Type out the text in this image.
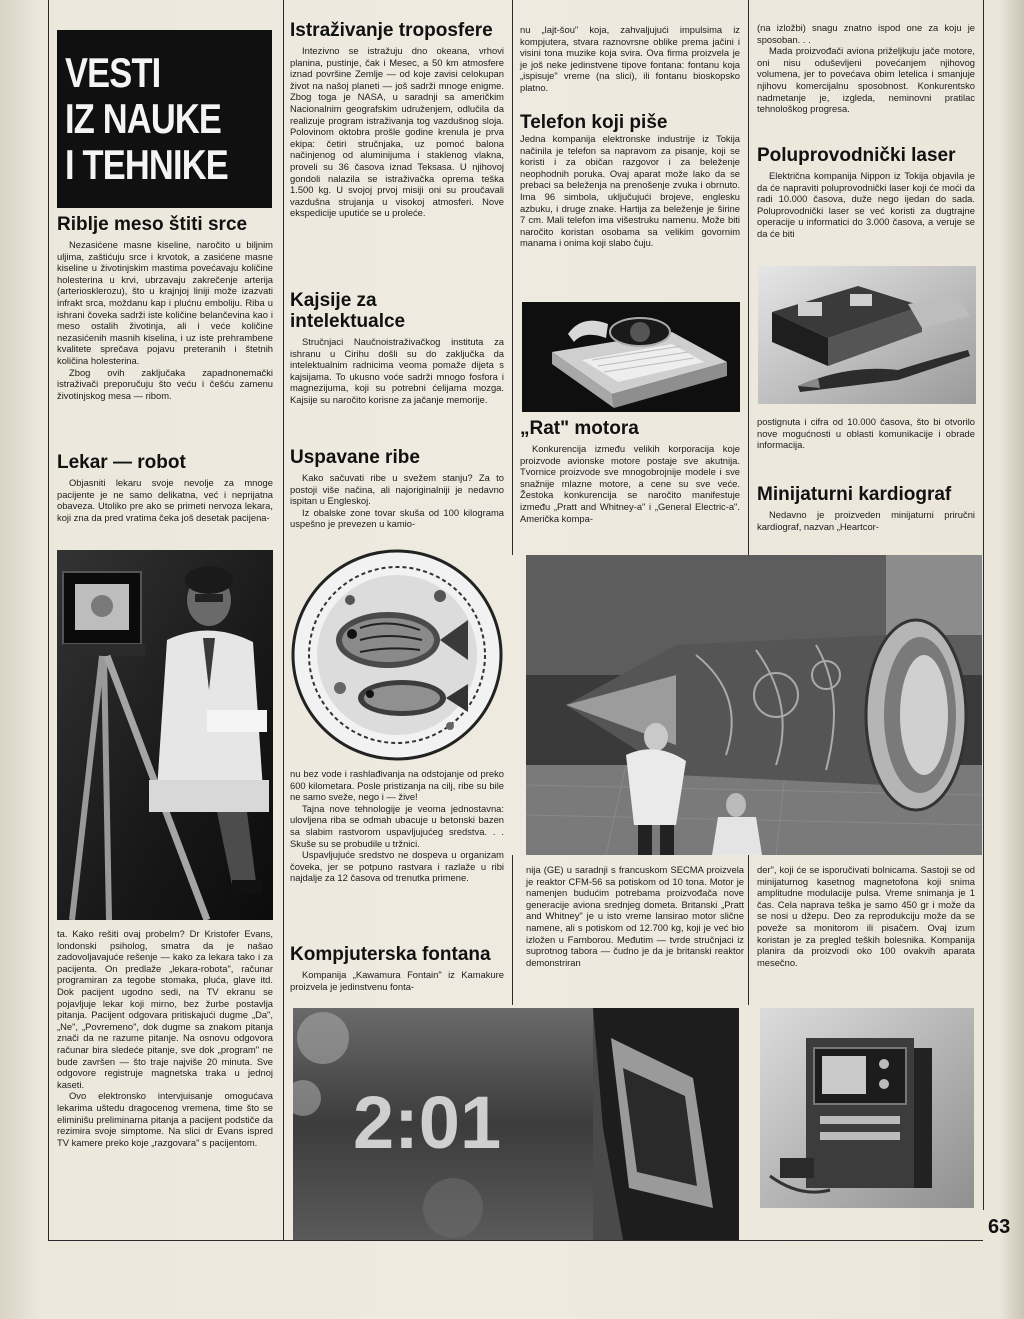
VESTI
IZ NAUKE
I TEHNIKE
Riblje meso štiti srce

Nezasićene masne kiseline, naročito u biljnim uljima, zaštićuju srce i krvotok, a zasićene masne kiseline u životinjskim mastima povećavaju količine holesterina u krvi, ubrzavaju zakrečenje arterija (arteriosklerozu), što u krajnjoj liniji može izazvati infrakt srca, moždanu kap i plućnu emboliju. Riba u ishrani čoveka sadrži iste količine belančevina kao i meso ostalih životinja, ali i veće količine nezasićenih masnih kiselina, i uz iste prehrambene kvalitete sprečava pojavu preteranih i štetnih količina holesterina.

Zbog ovih zaključaka zapadnonemački istraživači preporučuju što veću i češću zamenu životinjskog mesa — ribom.

Lekar — robot

Objasniti lekaru svoje nevolje za mnoge pacijente je ne samo delikatna, već i neprijatna obaveza. Utoliko pre ako se primeti nervoza lekara, koji zna da pred vratima čeka još desetak pacijena-

ta. Kako rešiti ovaj probelm? Dr Kristofer Evans, londonski psiholog, smatra da je našao zadovoljavajuće rešenje — kako za lekara tako i za pacijenta. On predlaže „lekara-robota", računar programiran za tegobe stomaka, pluća, glave itd. Dok pacijent ugodno sedi, na TV ekranu se pojavljuje lekar koji mirno, bez žurbe postavlja pitanja. Pacijent odgovara pritiskajući dugme „Da", „Ne", „Povremeno", dok dugme sa znakom pitanja znači da ne razume pitanje. Na osnovu odgovora računar bira sledeće pitanje, sve dok „program" ne bude završen — što traje najviše 20 minuta. Sve odgovore registruje magnetska traka u jednoj kaseti.

Ovo elektronsko intervjuisanje omogućava lekarima uštedu dragocenog vremena, time što se eliminišu preliminarna pitanja a pacijent podstiče da rezimira svoje simptome. Na slici dr Evans ispred TV kamere preko koje „razgovara" s pacijentom.

Istraživanje troposfere

Intezivno se istražuju dno okeana, vrhovi planina, pustinje, čak i Mesec, a 50 km atmosfere iznad površine Zemlje — od koje zavisi celokupan život na našoj planeti — još sadrži mnoge enigme. Zbog toga je NASA, u saradnji sa američkim Nacionalnim geografskim udruženjem, odlučila da realizuje program istraživanja tog vazdušnog sloja. Polovinom oktobra prošle godine krenula je prva ekipa: četiri stručnjaka, uz pomoć balona načinjenog od aluminijuma i staklenog vlakna, proveli su 36 časova iznad Teksasa. U njihovoj gondoli nalazila se istraživačka oprema teška 1.500 kg. U svojoj prvoj misiji oni su proučavali vazdušna strujanja u visokoj atmosferi. Nove ekspedicije uputiće se u proleće.

Kajsije za intelektualce

Stručnjaci Naučnoistraživačkog instituta za ishranu u Cirihu došli su do zaključka da intelektualnim radnicima veoma pomaže dijeta s kajsijama. To ukusno voće sadrži mnogo fosfora i magnezijuma, koji su potrebni ćelijama mozga. Kajsije su naročito korisne za jačanje memorije.

Uspavane ribe

Kako sačuvati ribe u svežem stanju? Za to postoji više načina, ali najoriginalniji je nedavno ispitan u Engleskoj.

Iz obalske zone tovar skuša od 100 kilograma uspešno je prevezen u kamio-

nu bez vode i rashlađivanja na odstojanje od preko 600 kilometara. Posle pristizanja na cilj, ribe su bile ne samo sveže, nego i — žive!

Tajna nove tehnologije je veoma jednostavna: ulovljena riba se odmah ubacuje u betonski bazen sa slabim rastvorom uspavljujućeg sredstva. . . Skuše su se probudile u tržnici.

Uspavljujuće sredstvo ne dospeva u organizam čoveka, jer se potpuno rastvara i razlaže u ribi najdalje za 12 časova od trenutka primene.

Kompjuterska fontana

Kompanija „Kawamura Fontain" iz Kamakure proizvela je jedinstvenu fonta-

nu „lajt-šou" koja, zahvaljujući impulsima iz kompjutera, stvara raznovrsne oblike prema jačini i visini tona muzike koja svira. Ova firma proizvela je je još neke jedinstvene tipove fontana: fontanu koja „ispisuje" vreme (na slici), ili fontanu bioskopsko platno.

Telefon koji piše

Jedna kompanija elektronske industrije iz Tokija načinila je telefon sa napravom za pisanje, koji se koristi i za običan razgovor i za beleženje neophodnih poruka. Ovaj aparat može lako da se prebaci sa beleženja na prenošenje zvuka i obrnuto. Ima 96 simbola, uključujući brojeve, englesku azbuku, i druge znake. Hartija za beleženje je širine 7 cm. Mali telefon ima višestruku namenu. Može biti naročito koristan osobama sa velikim govornim manama i onima koji slabo čuju.

„Rat" motora

Konkurencija između velikih korporacija koje proizvode avionske motore postaje sve akutnija. Tvornice proizvode sve mnogobrojnije modele i sve snažnije mlazne motore, a cene su sve veće. Žestoka konkurencija se naročito manifestuje između „Pratt and Whitney-a" i „General Electric-a". Američka kompa-

(na izložbi) snagu znatno ispod one za koju je sposoban. . .

Mada proizvođači aviona priželjkuju jače motore, oni nisu oduševljeni povećanjem njihovog volumena, jer to povećava obim letelica i smanjuje njihovu komercijalnu sposobnost. Konkurentsko nadmetanje je, izgleda, neminovni pratilac tehnološkog progresa.

Poluprovodnički laser

Električna kompanija Nippon iz Tokija objavila je da će napraviti poluprovodnički laser koji će moći da radi 10.000 časova, duže nego ijedan do sada. Poluprovodnički laser se već koristi za dugtrajne operacije u informatici do 3.000 časova, a veruje se da će biti

postignuta i cifra od 10.000 časova, što bi otvorilo nove mogućnosti u oblasti komunikacije i obrade informacija.

Minijaturni kardiograf

Nedavno je proizveden minijaturni priručni kardiograf, nazvan „Heartcor-

nija (GE) u saradnji s francuskom SECMA proizvela je reaktor CFM-56 sa potiskom od 10 tona. Motor je namenjen budućim potrebama proizvođača nove generacije aviona srednjeg dometa. Britanski „Pratt and Whitney" je u isto vreme lansirao motor slične namene, ali s potiskom od 12.700 kg, koji je već bio izložen u Farnborou. Međutim — tvrde stručnjaci iz suprotnog tabora — čudno je da je britanski reaktor demonstriran

der", koji će se isporučivati bolnicama. Sastoji se od minijaturnog kasetnog magnetofona koji snima amplitudne modulacije pulsa. Vreme snimanja je 1 čas. Cela naprava teška je samo 450 gr i može da se nosi u džepu. Deo za reprodukciju može da se poveže sa monitorom ili pisačem. Ovaj izum koristan je za pregled teških bolesnika. Kompanija planira da proizvodi oko 100 ovakvih aparata mesečno.

2:01
63
